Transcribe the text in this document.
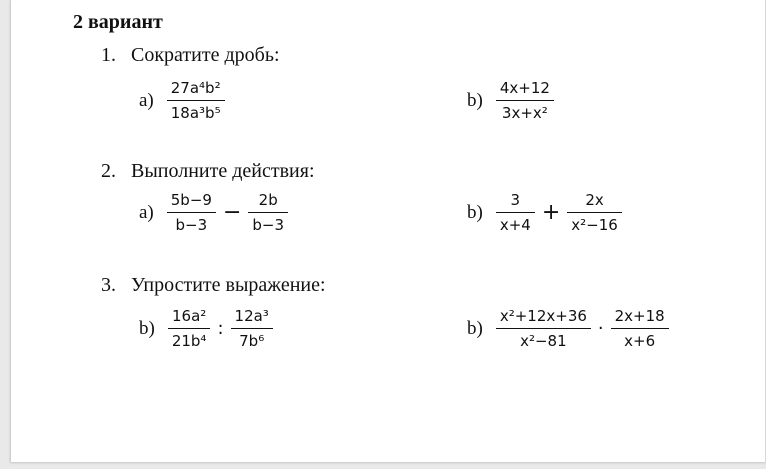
2 вариант
1. Сократите дробь:
$a) \frac{\text{27a⁴b²}}{\text{18a³b⁵}}$	$b) \frac{4x+12}{\text{3x+x²}}$
2. Выполните действия:
$a) \frac{5b-9}{b-3} - \frac{2b}{b-3}$	$b) \frac{3}{x+4} + \frac{2x}{\text{x²−16}}$
3. Упростите выражение:
$b) \frac{\text{16a²}}{\text{21b⁴}}$ : $\frac{\text{12a³}}{\text{7b⁶}}$	$b) \frac{\text{x²+12x+36}}{\text{x²−81}} \cdot \frac{2x+18}{x+6}$
